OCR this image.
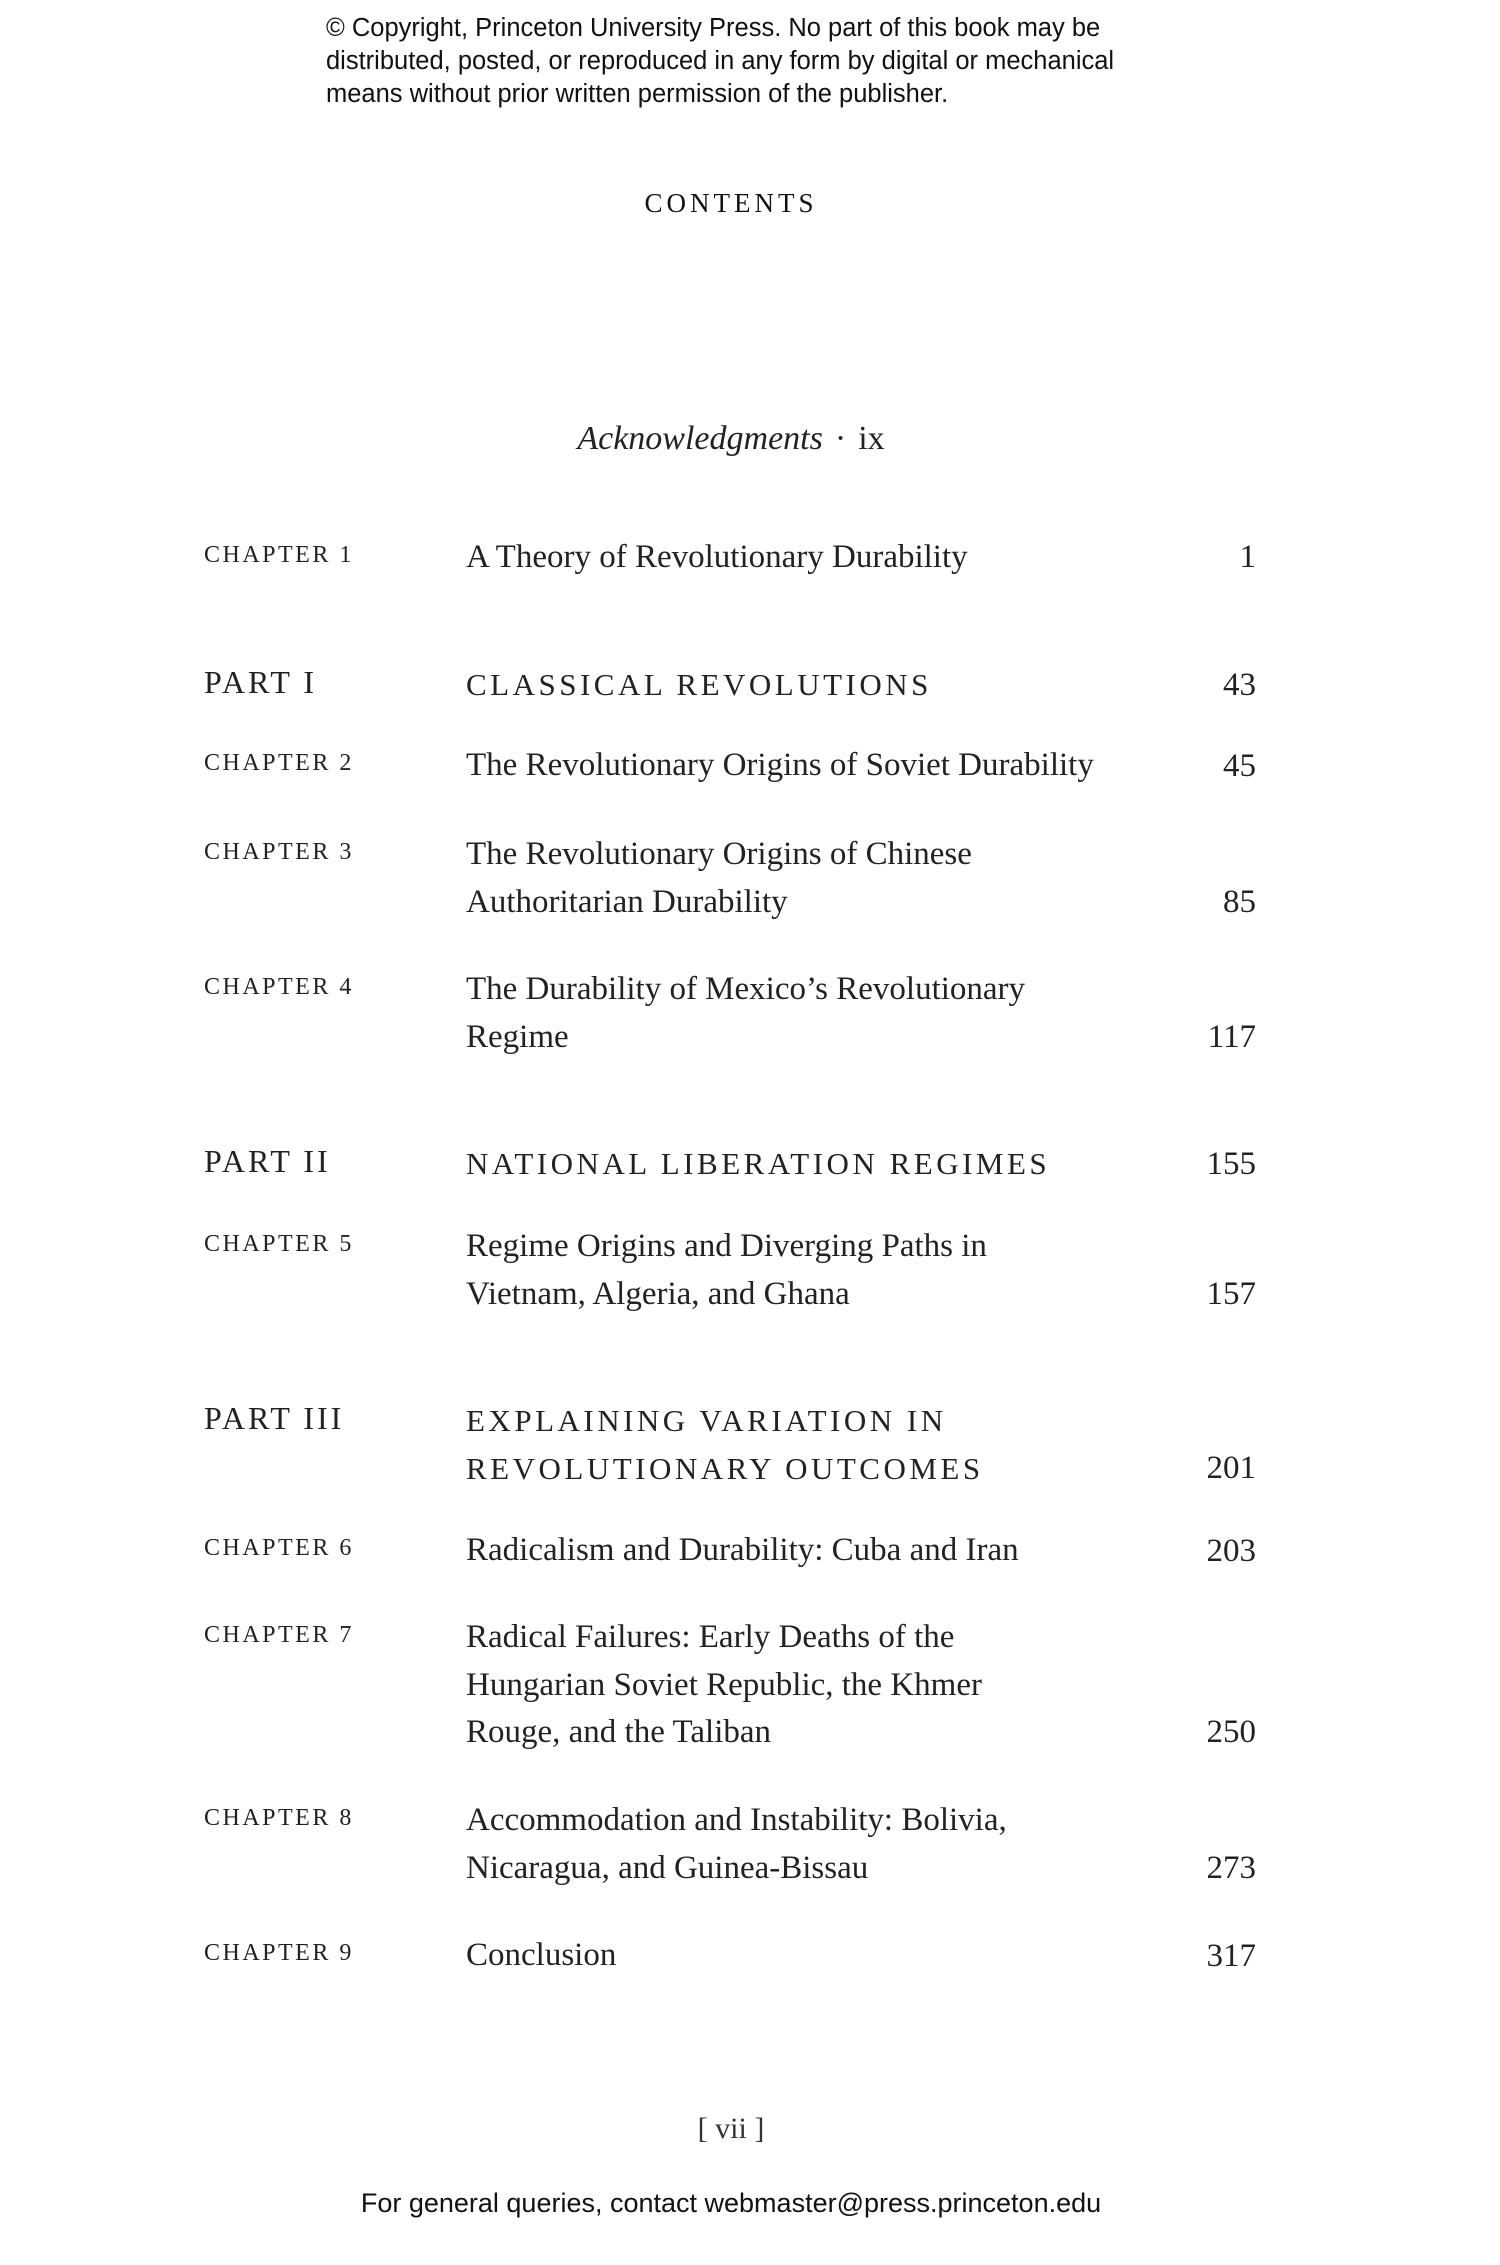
© Copyright, Princeton University Press. No part of this book may be
distributed, posted, or reproduced in any form by digital or mechanical
means without prior written permission of the publisher.
CONTENTS
Acknowledgments · ix
CHAPTER 1	A Theory of Revolutionary Durability	1
PART I	CLASSICAL REVOLUTIONS	43
CHAPTER 2	The Revolutionary Origins of Soviet Durability	45
CHAPTER 3	The Revolutionary Origins of Chinese
Authoritarian Durability	85
CHAPTER 4	The Durability of Mexico’s Revolutionary
Regime	117
PART II	NATIONAL LIBERATION REGIMES	155
CHAPTER 5	Regime Origins and Diverging Paths in
Vietnam, Algeria, and Ghana	157
PART III	EXPLAINING VARIATION IN
REVOLUTIONARY OUTCOMES	201
CHAPTER 6	Radicalism and Durability: Cuba and Iran	203
CHAPTER 7	Radical Failures: Early Deaths of the
Hungarian Soviet Republic, the Khmer
Rouge, and the Taliban	250
CHAPTER 8	Accommodation and Instability: Bolivia,
Nicaragua, and Guinea-Bissau	273
CHAPTER 9	Conclusion	317
[ vii ]
For general queries, contact webmaster@press.princeton.edu
